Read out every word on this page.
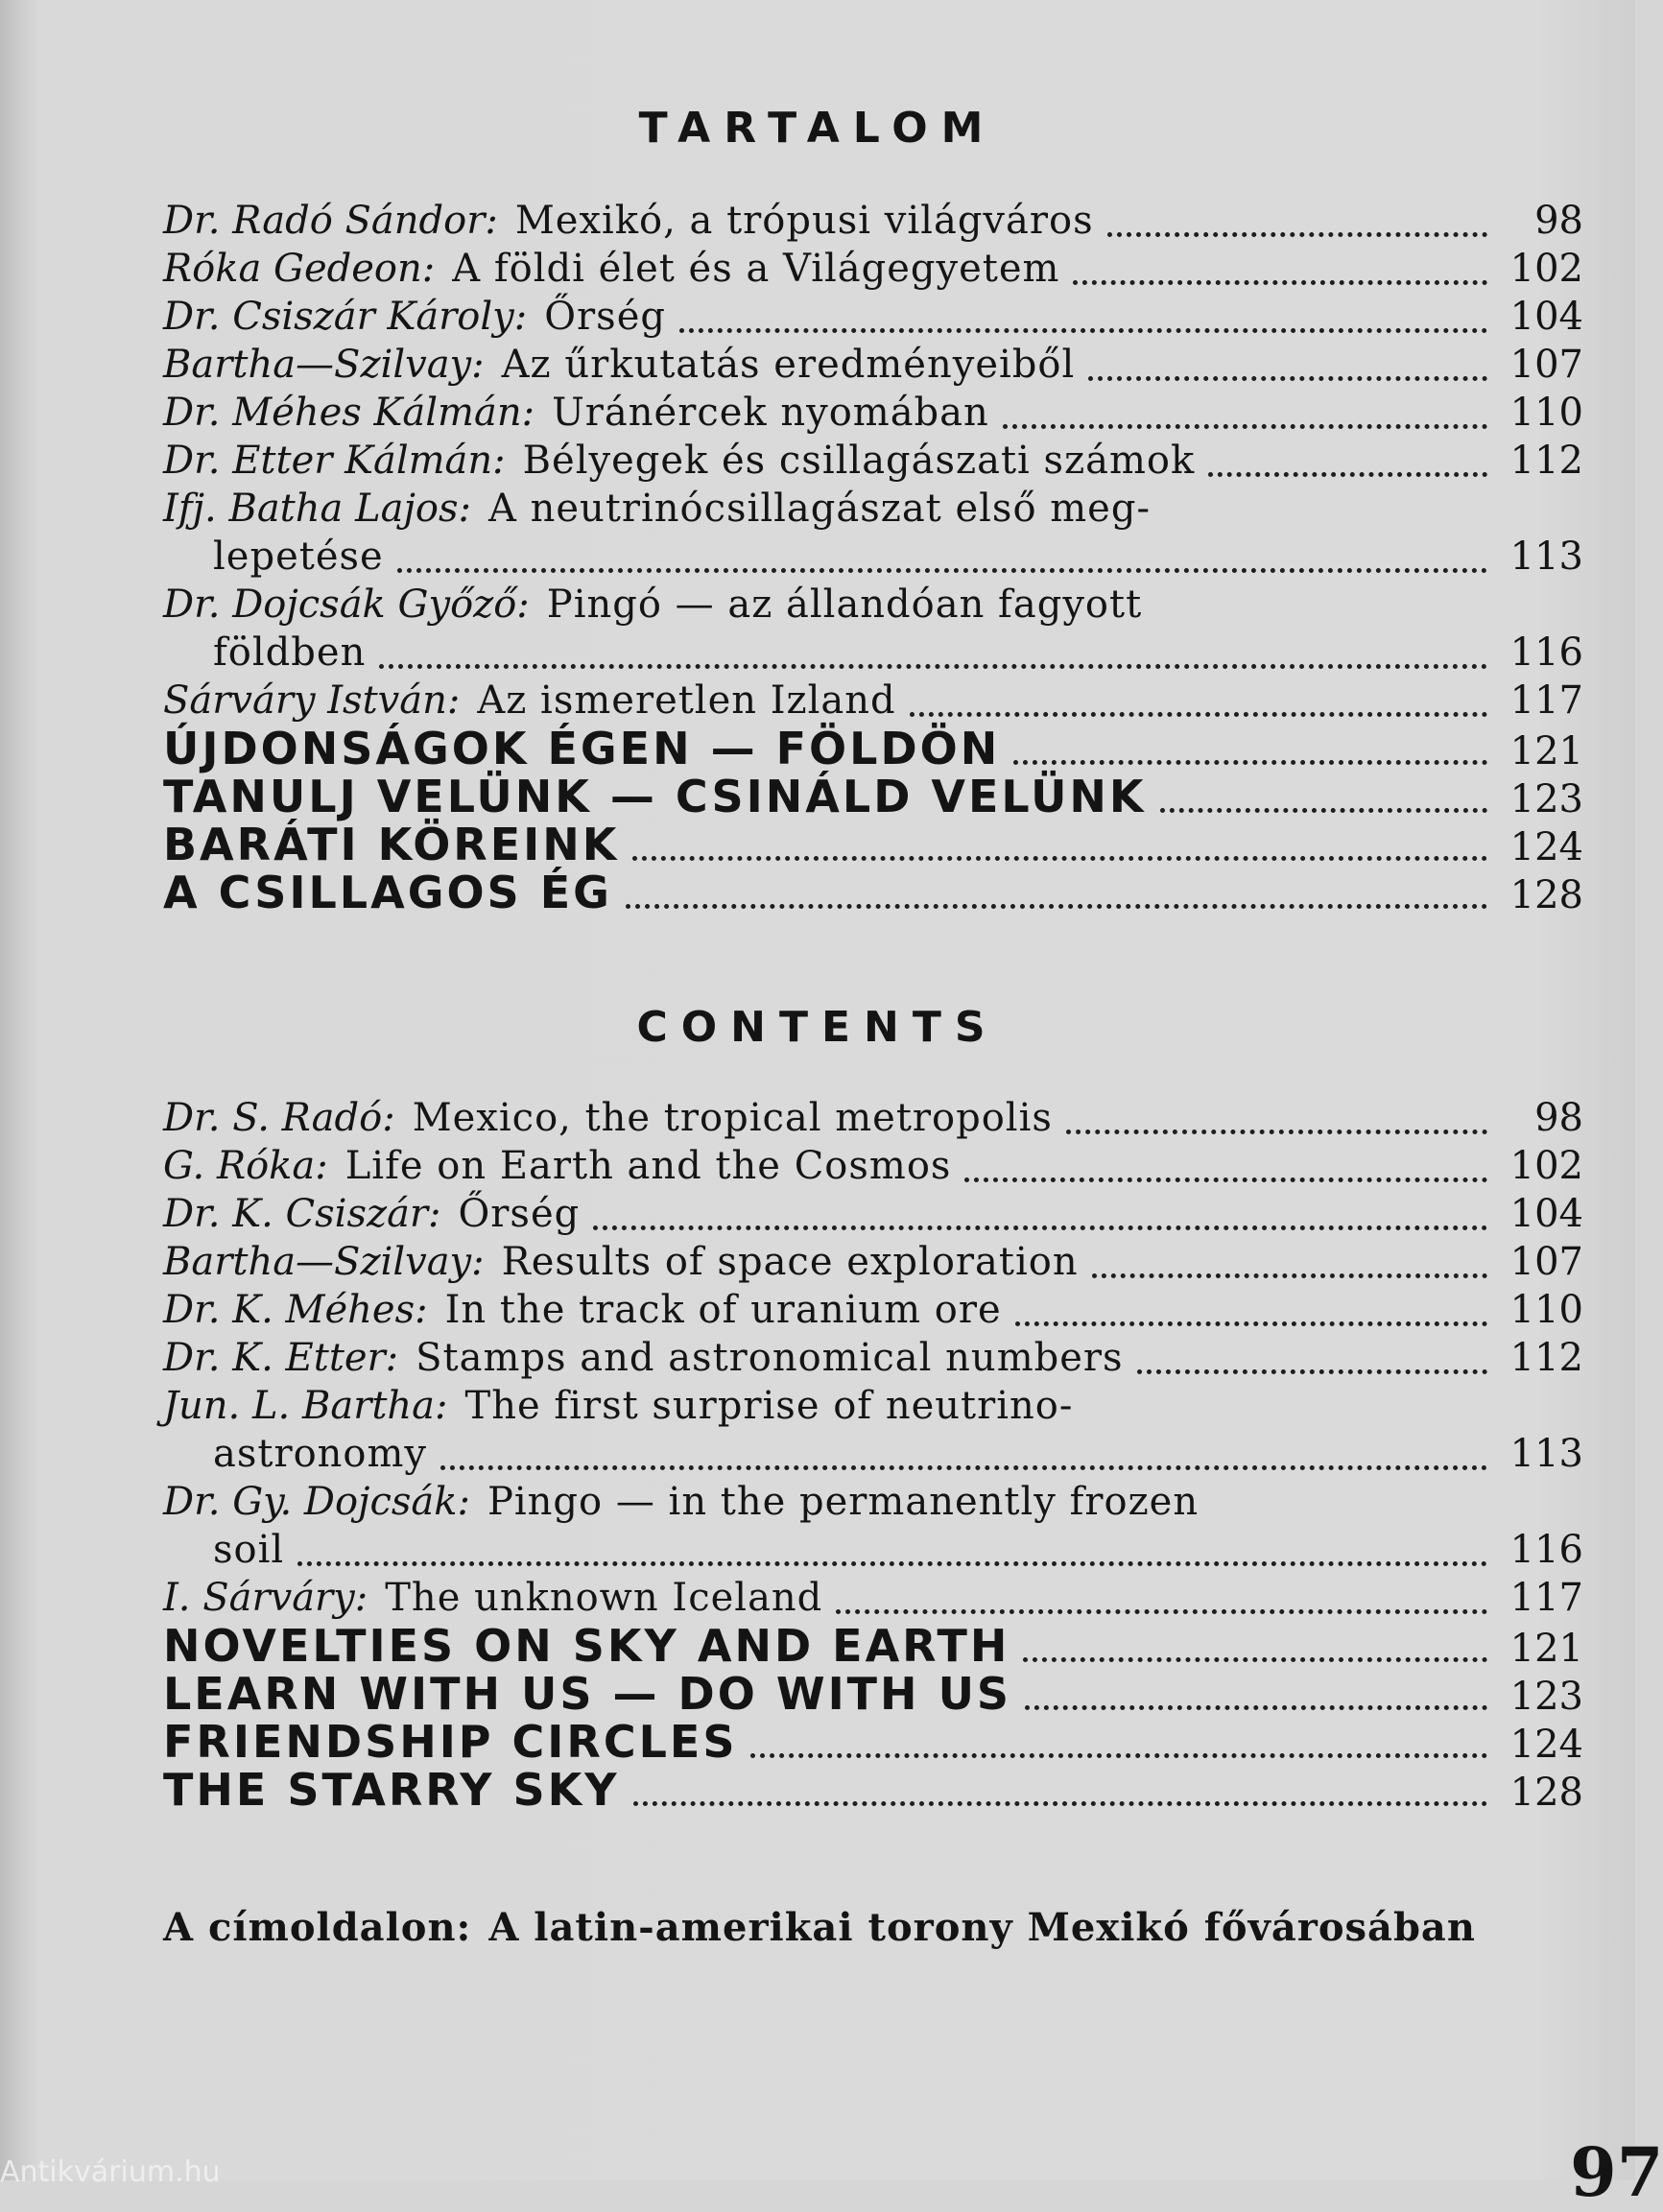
TARTALOM
Dr. Radó Sándor: Mexikó, a trópusi világváros	98
Róka Gedeon: A földi élet és a Világegyetem	102
Dr. Csiszár Károly: Őrség	104
Bartha—Szilvay: Az űrkutatás eredményeiből	107
Dr. Méhes Kálmán: Uránércek nyomában	110
Dr. Etter Kálmán: Bélyegek és csillagászati számok	112
Ifj. Batha Lajos: A neutrinócsillagászat első meg-
lepetése	113
Dr. Dojcsák Győző: Pingó — az állandóan fagyott
földben	116
Sárváry István: Az ismeretlen Izland	117
ÚJDONSÁGOK ÉGEN — FÖLDÖN	121
TANULJ VELÜNK — CSINÁLD VELÜNK	123
BARÁTI KÖREINK	124
A CSILLAGOS ÉG	128
CONTENTS
Dr. S. Radó: Mexico, the tropical metropolis	98
G. Róka: Life on Earth and the Cosmos	102
Dr. K. Csiszár: Őrség	104
Bartha—Szilvay: Results of space exploration	107
Dr. K. Méhes: In the track of uranium ore	110
Dr. K. Etter: Stamps and astronomical numbers	112
Jun. L. Bartha: The first surprise of neutrino-
astronomy	113
Dr. Gy. Dojcsák: Pingo — in the permanently frozen
soil	116
I. Sárváry: The unknown Iceland	117
NOVELTIES ON SKY AND EARTH	121
LEARN WITH US — DO WITH US	123
FRIENDSHIP CIRCLES	124
THE STARRY SKY	128
A címoldalon: A latin-amerikai torony Mexikó fővárosában
97
Antikvárium.hu
